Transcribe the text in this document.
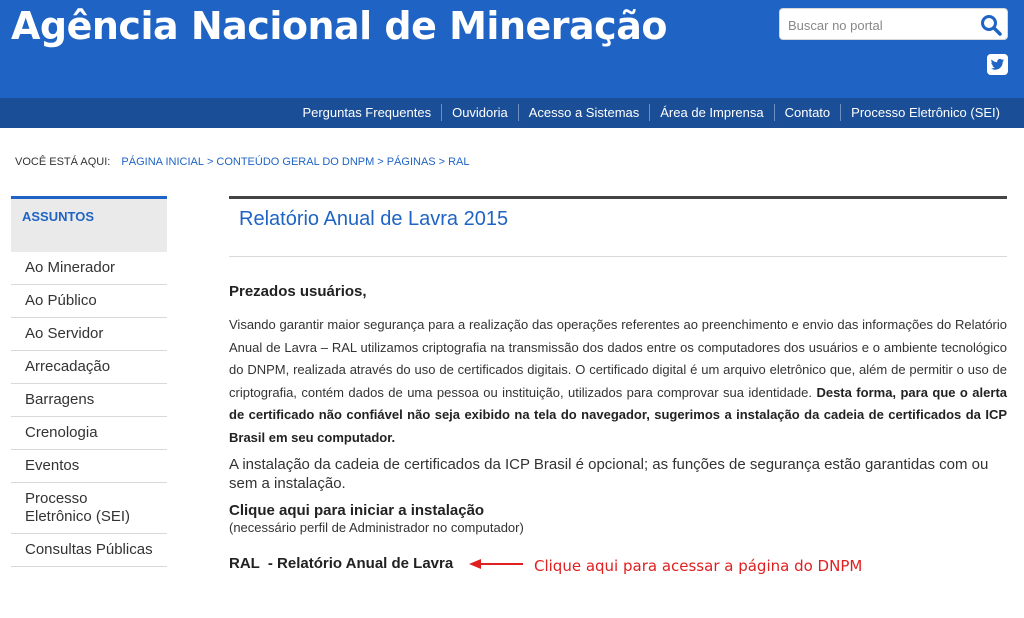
Agência Nacional de Mineração
Buscar no portal
Perguntas Frequentes	Ouvidoria	Acesso a Sistemas	Área de Imprensa	Contato	Processo Eletrônico (SEI)
VOCÊ ESTÁ AQUI: PÁGINA INICIAL > CONTEÚDO GERAL DO DNPM > PÁGINAS > RAL
ASSUNTOS
Ao Minerador
Ao Público
Ao Servidor
Arrecadação
Barragens
Crenologia
Eventos
Processo Eletrônico (SEI)
Consultas Públicas
Relatório Anual de Lavra 2015
Prezados usuários,

Visando garantir maior segurança para a realização das operações referentes ao preenchimento e envio das informações do Relatório Anual de Lavra – RAL utilizamos criptografia na transmissão dos dados entre os computadores dos usuários e o ambiente tecnológico do DNPM, realizada através do uso de certificados digitais. O certificado digital é um arquivo eletrônico que, além de permitir o uso de criptografia, contém dados de uma pessoa ou instituição, utilizados para comprovar sua identidade. Desta forma, para que o alerta de certificado não confiável não seja exibido na tela do navegador, sugerimos a instalação da cadeia de certificados da ICP Brasil em seu computador.

A instalação da cadeia de certificados da ICP Brasil é opcional; as funções de segurança estão garantidas com ou sem a instalação.

Clique aqui para iniciar a instalação
(necessário perfil de Administrador no computador)
RAL  - Relatório Anual de Lavra	Clique aqui para acessar a página do DNPM
